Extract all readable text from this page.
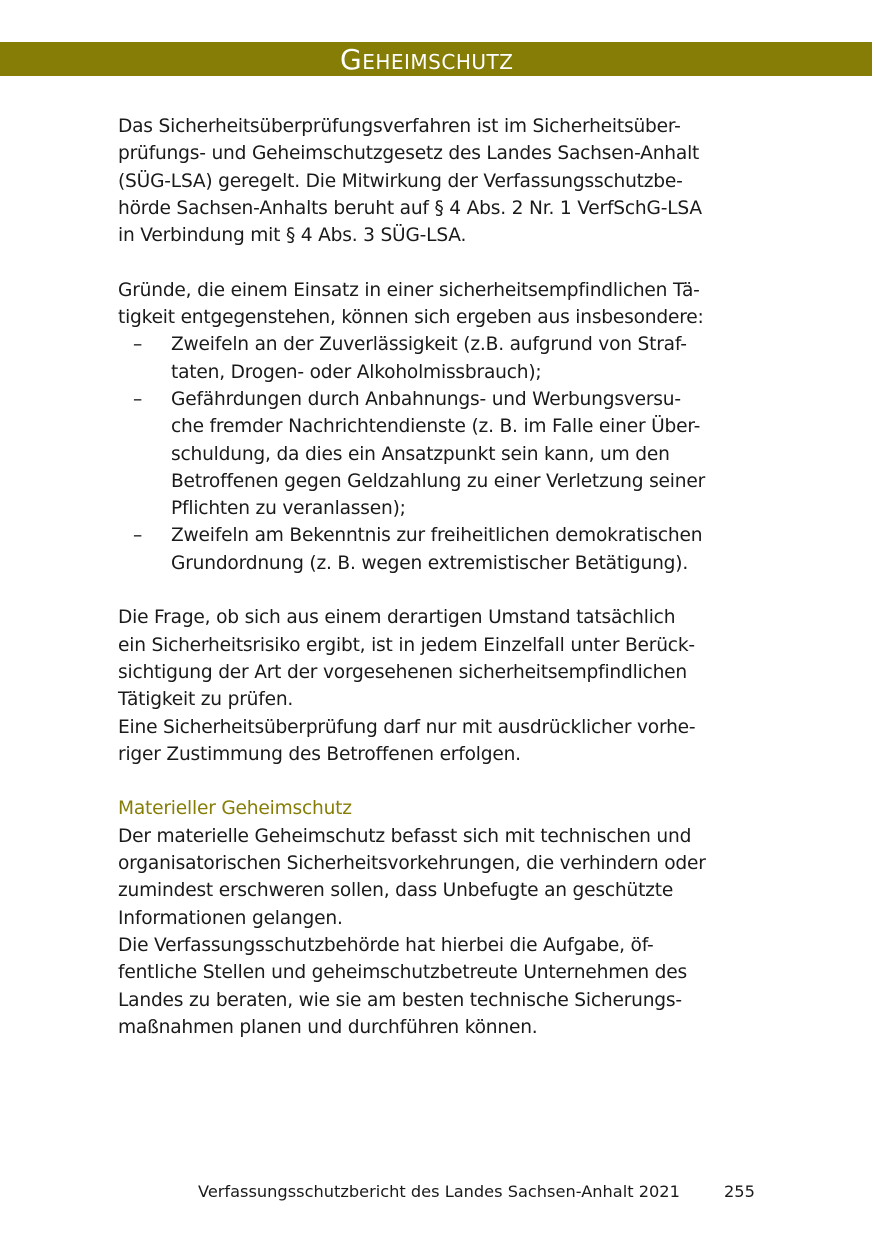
Geheimschutz
Das Sicherheitsüberprüfungsverfahren ist im Sicherheitsüber-
prüfungs- und Geheimschutzgesetz des Landes Sachsen-Anhalt
(SÜG-LSA) geregelt. Die Mitwirkung der Verfassungsschutzbe-
hörde Sachsen-Anhalts beruht auf § 4 Abs. 2 Nr. 1 VerfSchG-LSA
in Verbindung mit § 4 Abs. 3 SÜG-LSA.
Gründe, die einem Einsatz in einer sicherheitsempfindlichen Tä-
tigkeit entgegenstehen, können sich ergeben aus insbesondere:
– Zweifeln an der Zuverlässigkeit (z.B. aufgrund von Straf-
taten, Drogen- oder Alkoholmissbrauch);
– Gefährdungen durch Anbahnungs- und Werbungsversu-
che fremder Nachrichtendienste (z. B. im Falle einer Über-
schuldung, da dies ein Ansatzpunkt sein kann, um den
Betroffenen gegen Geldzahlung zu einer Verletzung seiner
Pflichten zu veranlassen);
– Zweifeln am Bekenntnis zur freiheitlichen demokratischen
Grundordnung (z. B. wegen extremistischer Betätigung).
Die Frage, ob sich aus einem derartigen Umstand tatsächlich
ein Sicherheitsrisiko ergibt, ist in jedem Einzelfall unter Berück-
sichtigung der Art der vorgesehenen sicherheitsempfindlichen
Tätigkeit zu prüfen.
Eine Sicherheitsüberprüfung darf nur mit ausdrücklicher vorhe-
riger Zustimmung des Betroffenen erfolgen.
Materieller Geheimschutz
Der materielle Geheimschutz befasst sich mit technischen und
organisatorischen Sicherheitsvorkehrungen, die verhindern oder
zumindest erschweren sollen, dass Unbefugte an geschützte
Informationen gelangen.
Die Verfassungsschutzbehörde hat hierbei die Aufgabe, öf-
fentliche Stellen und geheimschutzbetreute Unternehmen des
Landes zu beraten, wie sie am besten technische Sicherungs-
maßnahmen planen und durchführen können.
Verfassungsschutzbericht des Landes Sachsen-Anhalt 2021	255
